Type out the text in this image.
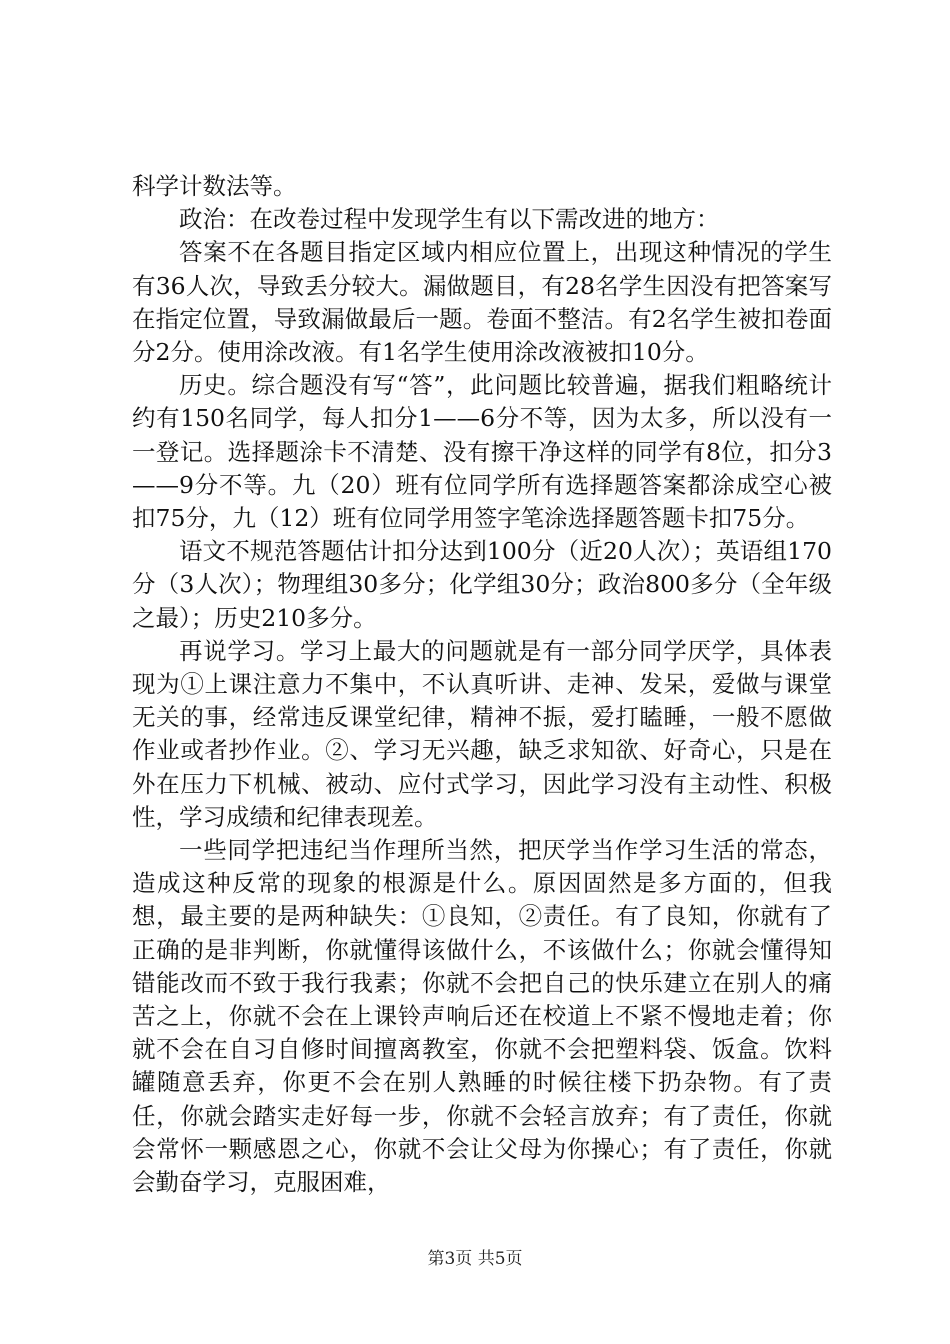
科学计数法等。

政治：在改卷过程中发现学生有以下需改进的地方：

答案不在各题目指定区域内相应位置上，出现这种情况的学生有36人次，导致丢分较大。漏做题目，有28名学生因没有把答案写在指定位置，导致漏做最后一题。卷面不整洁。有2名学生被扣卷面分2分。使用涂改液。有1名学生使用涂改液被扣10分。

历史。综合题没有写“答”，此问题比较普遍，据我们粗略统计约有150名同学，每人扣分1——6分不等，因为太多，所以没有一一登记。选择题涂卡不清楚、没有擦干净这样的同学有8位，扣分3——9分不等。九（20）班有位同学所有选择题答案都涂成空心被扣75分，九（12）班有位同学用签字笔涂选择题答题卡扣75分。

语文不规范答题估计扣分达到100分（近20人次）；英语组170分（3人次）；物理组30多分；化学组30分；政治800多分（全年级之最）；历史210多分。

再说学习。学习上最大的问题就是有一部分同学厌学，具体表现为①上课注意力不集中，不认真听讲、走神、发呆，爱做与课堂无关的事，经常违反课堂纪律，精神不振，爱打瞌睡，一般不愿做作业或者抄作业。②、学习无兴趣，缺乏求知欲、好奇心，只是在外在压力下机械、被动、应付式学习，因此学习没有主动性、积极性，学习成绩和纪律表现差。

一些同学把违纪当作理所当然，把厌学当作学习生活的常态，造成这种反常的现象的根源是什么。原因固然是多方面的，但我想，最主要的是两种缺失：①良知，②责任。有了良知，你就有了正确的是非判断，你就懂得该做什么，不该做什么；你就会懂得知错能改而不致于我行我素；你就不会把自己的快乐建立在别人的痛苦之上，你就不会在上课铃声响后还在校道上不紧不慢地走着；你就不会在自习自修时间擅离教室，你就不会把塑料袋、饭盒。饮料罐随意丢弃，你更不会在别人熟睡的时候往楼下扔杂物。有了责任，你就会踏实走好每一步，你就不会轻言放弃；有了责任，你就会常怀一颗感恩之心，你就不会让父母为你操心；有了责任，你就会勤奋学习，克服困难，

第3页 共5页
